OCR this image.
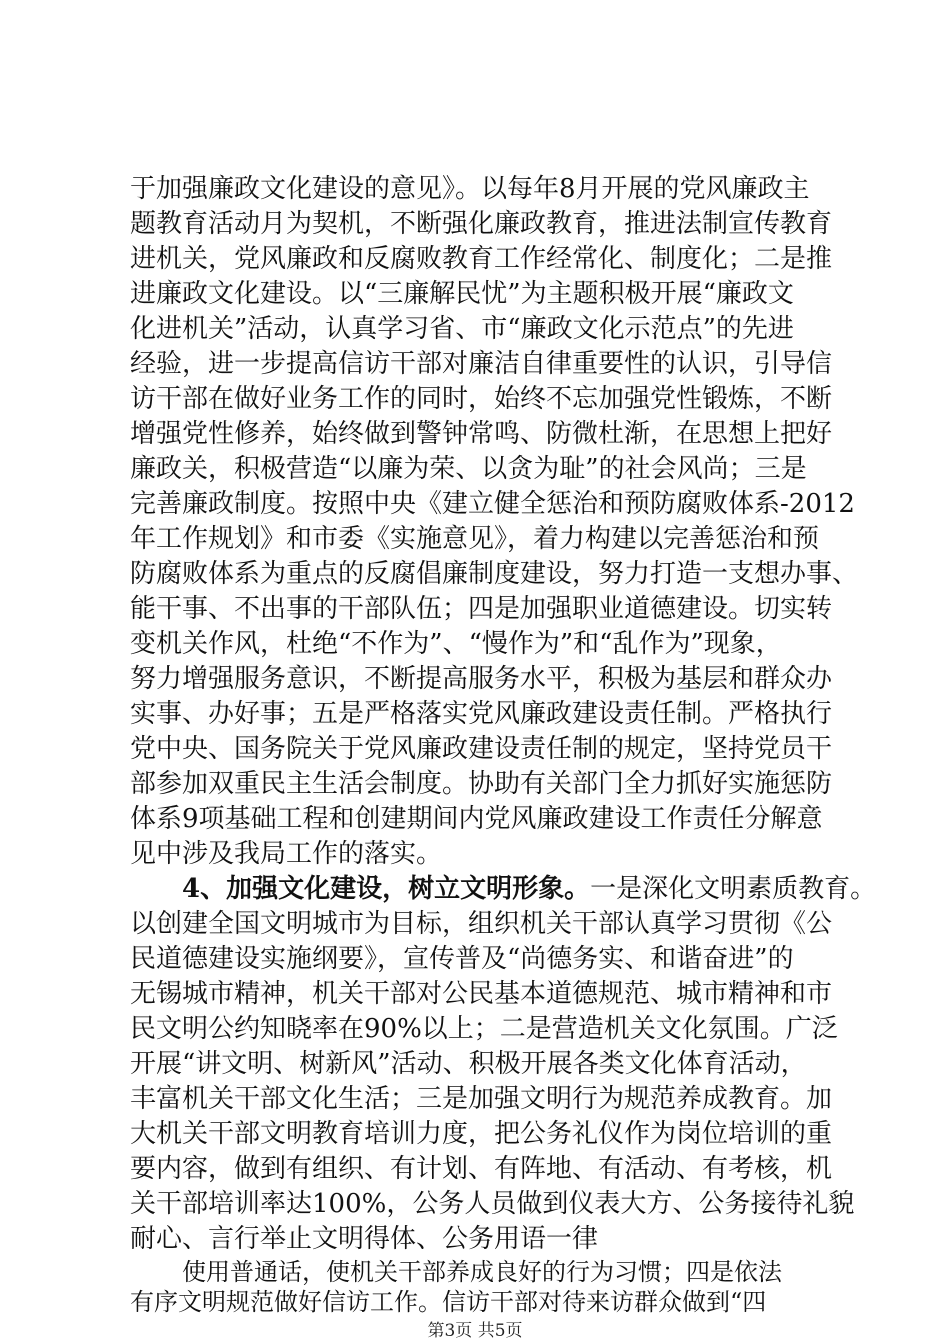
于加强廉政文化建设的意见》。以每年8月开展的党风廉政主
题教育活动月为契机，不断强化廉政教育，推进法制宣传教育
进机关，党风廉政和反腐败教育工作经常化、制度化；二是推
进廉政文化建设。以“三廉解民忧”为主题积极开展“廉政文
化进机关”活动，认真学习省、市“廉政文化示范点”的先进
经验，进一步提高信访干部对廉洁自律重要性的认识，引导信
访干部在做好业务工作的同时，始终不忘加强党性锻炼，不断
增强党性修养，始终做到警钟常鸣、防微杜渐，在思想上把好
廉政关，积极营造“以廉为荣、以贪为耻”的社会风尚；三是
完善廉政制度。按照中央《建立健全惩治和预防腐败体系-2012
年工作规划》和市委《实施意见》，着力构建以完善惩治和预
防腐败体系为重点的反腐倡廉制度建设，努力打造一支想办事、
能干事、不出事的干部队伍；四是加强职业道德建设。切实转
变机关作风，杜绝“不作为”、“慢作为”和“乱作为”现象，
努力增强服务意识，不断提高服务水平，积极为基层和群众办
实事、办好事；五是严格落实党风廉政建设责任制。严格执行
党中央、国务院关于党风廉政建设责任制的规定，坚持党员干
部参加双重民主生活会制度。协助有关部门全力抓好实施惩防
体系9项基础工程和创建期间内党风廉政建设工作责任分解意
见中涉及我局工作的落实。
4、加强文化建设，树立文明形象。一是深化文明素质教育。
以创建全国文明城市为目标，组织机关干部认真学习贯彻《公
民道德建设实施纲要》，宣传普及“尚德务实、和谐奋进”的
无锡城市精神，机关干部对公民基本道德规范、城市精神和市
民文明公约知晓率在90%以上；二是营造机关文化氛围。广泛
开展“讲文明、树新风”活动、积极开展各类文化体育活动，
丰富机关干部文化生活；三是加强文明行为规范养成教育。加
大机关干部文明教育培训力度，把公务礼仪作为岗位培训的重
要内容，做到有组织、有计划、有阵地、有活动、有考核，机
关干部培训率达100%，公务人员做到仪表大方、公务接待礼貌
耐心、言行举止文明得体、公务用语一律
使用普通话，使机关干部养成良好的行为习惯；四是依法
有序文明规范做好信访工作。信访干部对待来访群众做到“四
第3页 共5页
